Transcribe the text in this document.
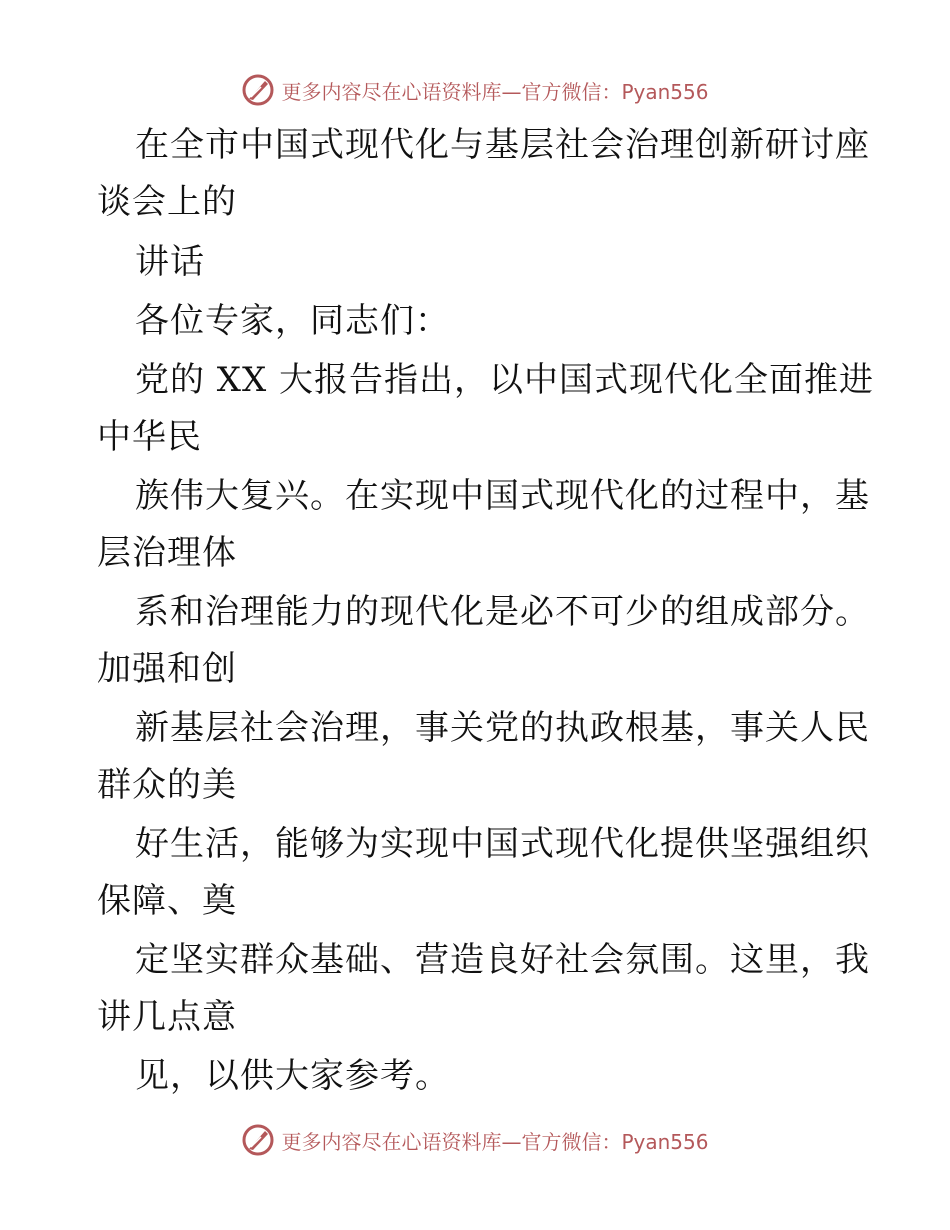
更多内容尽在心语资料库—官方微信：Pyan556
在全市中国式现代化与基层社会治理创新研讨座
谈会上的
讲话
各位专家，同志们：
党的 XX 大报告指出，以中国式现代化全面推进
中华民
族伟大复兴。在实现中国式现代化的过程中，基
层治理体
系和治理能力的现代化是必不可少的组成部分。
加强和创
新基层社会治理，事关党的执政根基，事关人民
群众的美
好生活，能够为实现中国式现代化提供坚强组织
保障、奠
定坚实群众基础、营造良好社会氛围。这里，我
讲几点意
见，以供大家参考。
更多内容尽在心语资料库—官方微信：Pyan556
